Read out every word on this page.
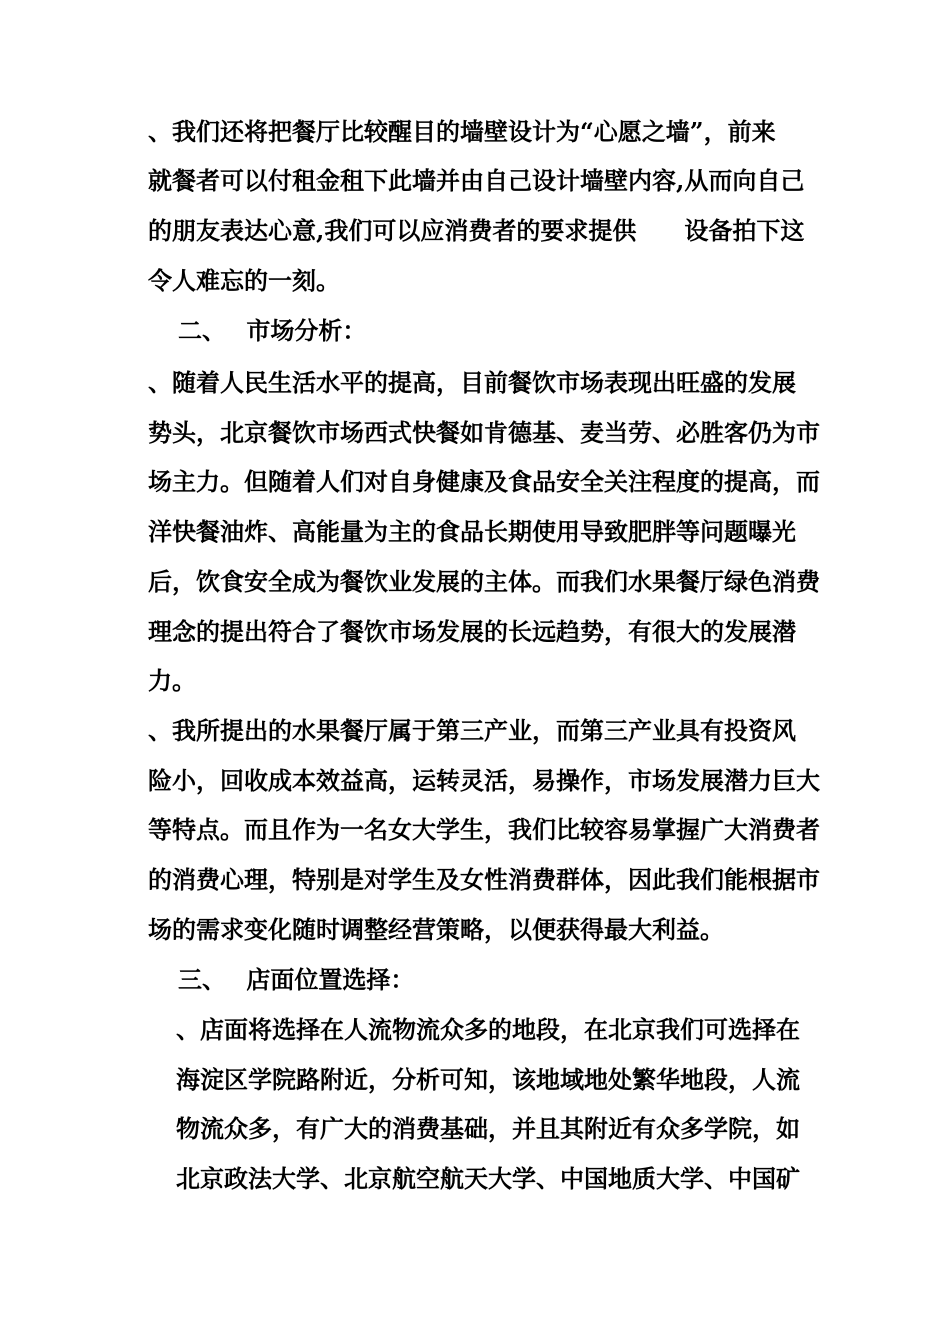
、我们还将把餐厅比较醒目的墙壁设计为“心愿之墙”，前来
就餐者可以付租金租下此墙并由自己设计墙壁内容,从而向自己
的朋友表达心意,我们可以应消费者的要求提供　　设备拍下这
令人难忘的一刻。
二、　 市场分析：
、随着人民生活水平的提高，目前餐饮市场表现出旺盛的发展
势头，北京餐饮市场西式快餐如肯德基、麦当劳、必胜客仍为市
场主力。但随着人们对自身健康及食品安全关注程度的提高，而
洋快餐油炸、高能量为主的食品长期使用导致肥胖等问题曝光
后，饮食安全成为餐饮业发展的主体。而我们水果餐厅绿色消费
理念的提出符合了餐饮市场发展的长远趋势，有很大的发展潜
力。
、我所提出的水果餐厅属于第三产业，而第三产业具有投资风
险小，回收成本效益高，运转灵活，易操作，市场发展潜力巨大
等特点。而且作为一名女大学生，我们比较容易掌握广大消费者
的消费心理，特别是对学生及女性消费群体，因此我们能根据市
场的需求变化随时调整经营策略，以便获得最大利益。
三、　 店面位置选择：
、店面将选择在人流物流众多的地段，在北京我们可选择在
海淀区学院路附近，分析可知，该地域地处繁华地段，人流
物流众多，有广大的消费基础，并且其附近有众多学院，如
北京政法大学、北京航空航天大学、中国地质大学、中国矿
